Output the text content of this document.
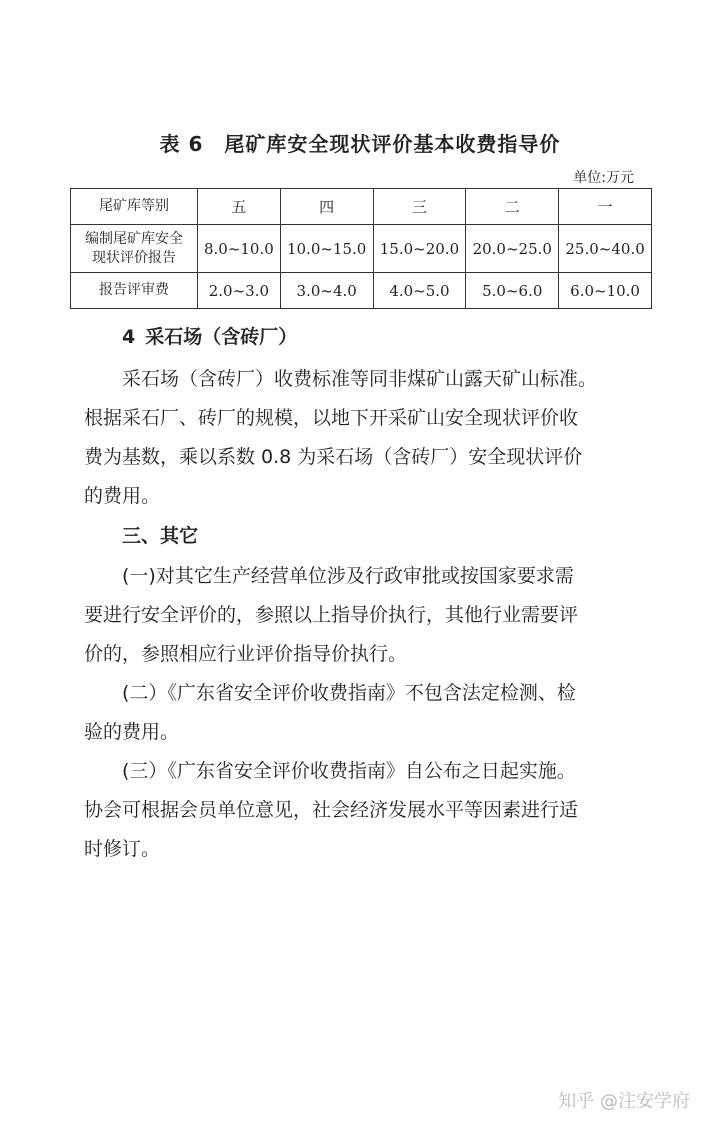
表 6　尾矿库安全现状评价基本收费指导价
单位:万元
尾矿库等别	五	四	三	二	一

编制尾矿库安全
现状评价报告	8.0~10.0	10.0~15.0	15.0~20.0	20.0~25.0	25.0~40.0

报告评审费	2.0~3.0	3.0~4.0	4.0~5.0	5.0~6.0	6.0~10.0
4 采石场（含砖厂）
采石场（含砖厂）收费标准等同非煤矿山露天矿山标准。
根据采石厂、砖厂的规模，以地下开采矿山安全现状评价收
费为基数，乘以系数 0.8 为采石场（含砖厂）安全现状评价
的费用。
三、其它
(一)对其它生产经营单位涉及行政审批或按国家要求需
要进行安全评价的，参照以上指导价执行，其他行业需要评
价的，参照相应行业评价指导价执行。
(二）《广东省安全评价收费指南》不包含法定检测、检
验的费用。
(三）《广东省安全评价收费指南》自公布之日起实施。
协会可根据会员单位意见，社会经济发展水平等因素进行适
时修订。
知乎 @注安学府
